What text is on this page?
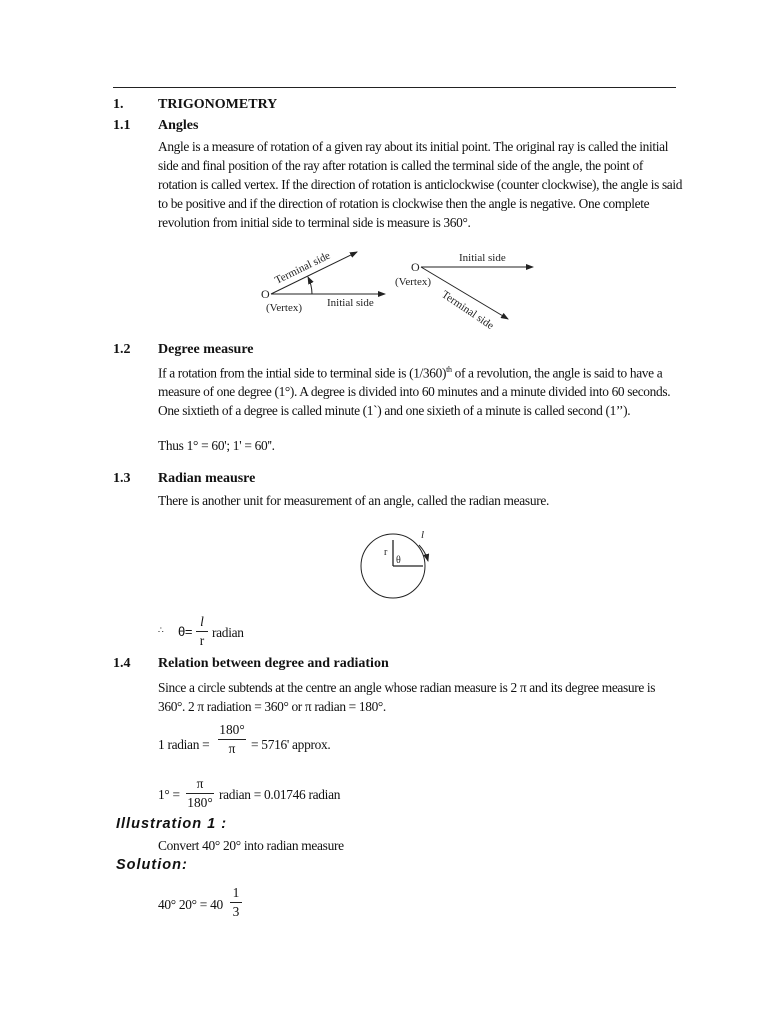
1. TRIGONOMETRY
1.1 Angles
Angle is a measure of rotation of a given ray about its initial point. The original ray is called the initial side and final position of the ray after rotation is called the terminal side of the angle, the point of rotation is called vertex. If the direction of rotation is anticlockwise (counter clockwise), the angle is said to be positive and if the direction of rotation is clockwise then the angle is negative. One complete revolution from initial side to terminal side is measure is 360°.
Terminal side
O
(Vertex) Initial side
Initial side
O
(Vertex)
Terminal side
l
r
θ
1.2 Degree measure
If a rotation from the intial side to terminal side is $(1/360)^{th}$ of a revolution, the angle is said to have a measure of one degree (1°). A degree is divided into 60 minutes and a minute divided into 60 seconds. One sixtieth of a degree is called minute (1`) and one sixieth of a minute is called second (1’’).
Thus 1° = 60'; 1' = 60''.
1.3 Radian meausre
There is another unit for measurement of an angle, called the radian measure.
∴ θ=
l
r
radian
1.4 Relation between degree and radiation
Since a circle subtends at the centre an angle whose radian measure is 2 π and its degree measure is 360°. 2 π radiation = 360° or π radian = 180°.
1 radian =
180°
π	= 5716' approx.
1° =
π
180°
radian = 0.01746 radian
Illustration 1 :
Convert 40° 20° into radian measure
Solution:
40° 20° = 40
1
3
